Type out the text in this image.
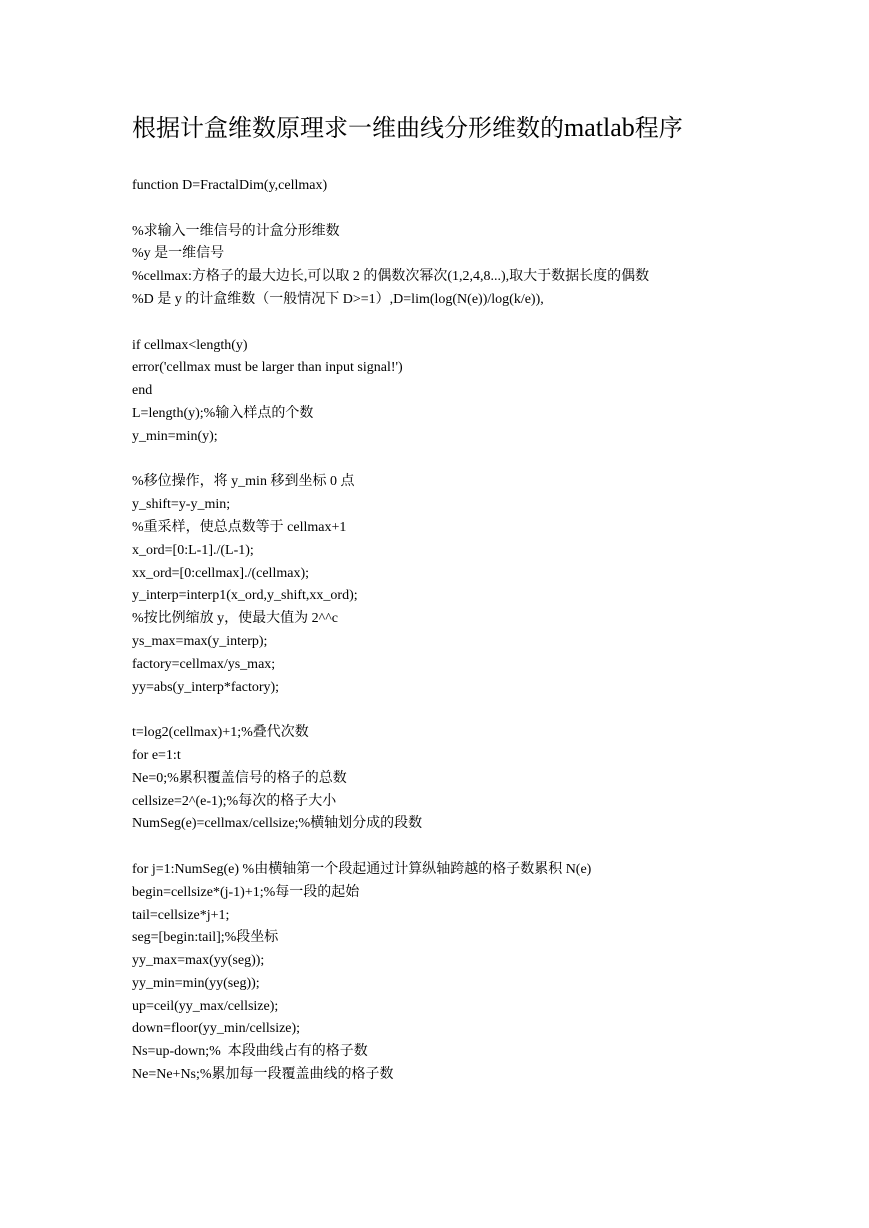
根据计盒维数原理求一维曲线分形维数的matlab程序
function D=FractalDim(y,cellmax)
%求输入一维信号的计盒分形维数
%y 是一维信号
%cellmax:方格子的最大边长,可以取 2 的偶数次幂次(1,2,4,8...),取大于数据长度的偶数
%D 是 y 的计盒维数（一般情况下 D>=1）,D=lim(log(N(e))/log(k/e)),
if cellmax<length(y)
error('cellmax must be larger than input signal!')
end
L=length(y);%输入样点的个数
y_min=min(y);
%移位操作，将 y_min 移到坐标 0 点
y_shift=y-y_min;
%重采样，使总点数等于 cellmax+1
x_ord=[0:L-1]./(L-1);
xx_ord=[0:cellmax]./(cellmax);
y_interp=interp1(x_ord,y_shift,xx_ord);
%按比例缩放 y，使最大值为 2^^c
ys_max=max(y_interp);
factory=cellmax/ys_max;
yy=abs(y_interp*factory);
t=log2(cellmax)+1;%叠代次数
for e=1:t
Ne=0;%累积覆盖信号的格子的总数
cellsize=2^(e-1);%每次的格子大小
NumSeg(e)=cellmax/cellsize;%横轴划分成的段数
for j=1:NumSeg(e) %由横轴第一个段起通过计算纵轴跨越的格子数累积 N(e)
begin=cellsize*(j-1)+1;%每一段的起始
tail=cellsize*j+1;
seg=[begin:tail];%段坐标
yy_max=max(yy(seg));
yy_min=min(yy(seg));
up=ceil(yy_max/cellsize);
down=floor(yy_min/cellsize);
Ns=up-down;%  本段曲线占有的格子数
Ne=Ne+Ns;%累加每一段覆盖曲线的格子数
